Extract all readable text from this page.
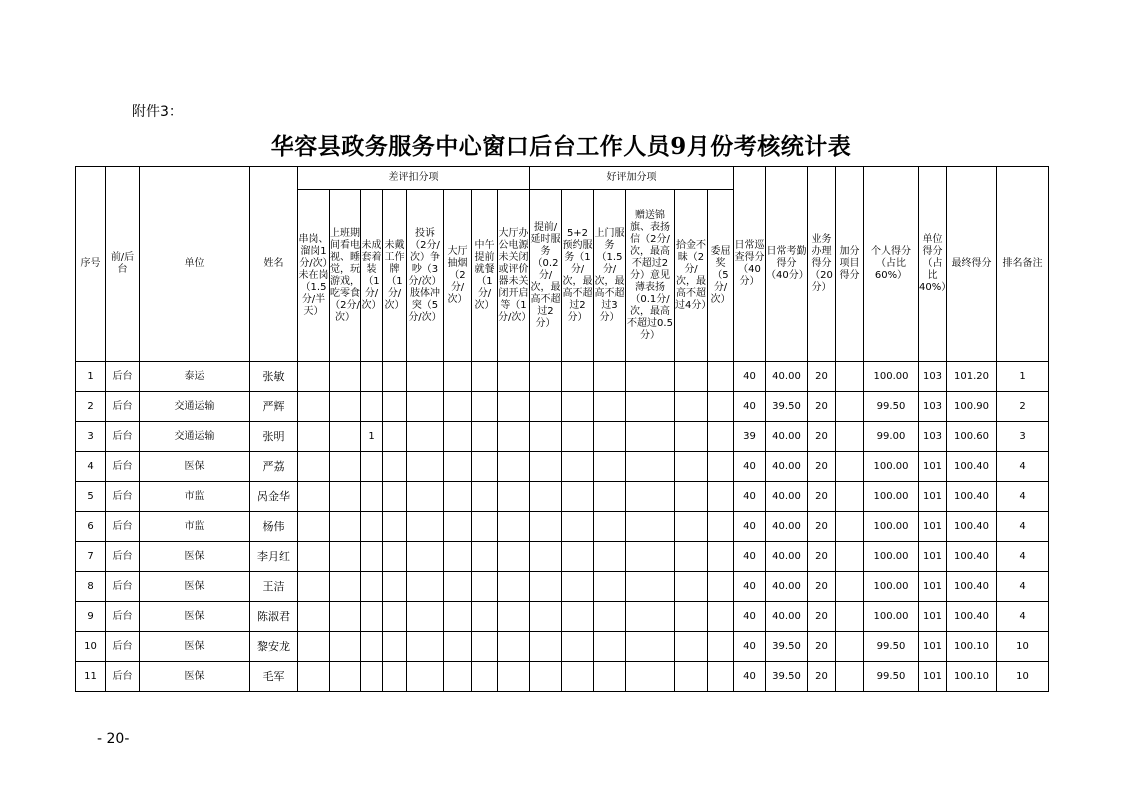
附件3：
华容县政务服务中心窗口后台工作人员9月份考核统计表
序号	前/后台	单位	姓名	差评扣分项								好评加分项						日常巡查得分（40分）	日常考勤得分（40分）	业务办理得分（20分）	加分项目得分	个人得分（占比60%）	单位得分（占比40%）	最终得分	排名备注
				串岗、溜岗1分/次）未在岗（1.5分/半天）	上班期间看电视、睡觉，玩游戏，吃零食（2分/次）	未成套着装（1分/次）	未戴工作牌（1分/次）	投诉（2分/次）争吵（3分/次）肢体冲突（5分/次）	大厅抽烟（2分/次）	中午提前就餐（1分/次）	大厅办公电源未关闭或评价器未关闭开启等（1分/次）	提前/延时服务（0.2分/次，最高不超过2分）	5+2预约服务（1分/次，最高不超过2分）	上门服务（1.5分/次，最高不超过3分）	赠送锦旗、表扬信（2分/次，最高不超过2分）意见薄表扬（0.1分/次，最高不超过0.5分）	拾金不昧（2分/次，最高不超过4分）	委屈奖（5分/次）								
1	后台	泰运	张敏															40	40.00	20		100.00	103	101.20	1
2	后台	交通运输	严辉															40	39.50	20		99.50	103	100.90	2
3	后台	交通运输	张明			1												39	40.00	20		99.00	103	100.60	3
4	后台	医保	严荔															40	40.00	20		100.00	101	100.40	4
5	后台	市监	呙金华															40	40.00	20		100.00	101	100.40	4
6	后台	市监	杨伟															40	40.00	20		100.00	101	100.40	4
7	后台	医保	李月红															40	40.00	20		100.00	101	100.40	4
8	后台	医保	王洁															40	40.00	20		100.00	101	100.40	4
9	后台	医保	陈淑君															40	40.00	20		100.00	101	100.40	4
10	后台	医保	黎安龙															40	39.50	20		99.50	101	100.10	10
11	后台	医保	毛军															40	39.50	20		99.50	101	100.10	10
- 20-
